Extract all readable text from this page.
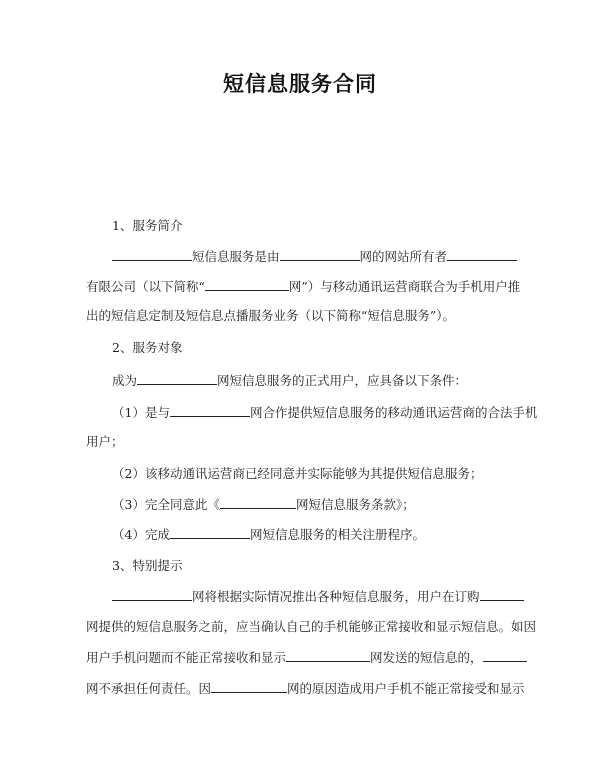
短信息服务合同
1、服务简介
短信息服务是由	网的网站所有者
有限公司（以下简称“	网”）与移动通讯运营商联合为手机用户推
出的短信息定制及短信息点播服务业务（以下简称“短信息服务”）。
2、服务对象
成为	网短信息服务的正式用户，应具备以下条件：
（1）是与	网合作提供短信息服务的移动通讯运营商的合法手机
用户；
（2）该移动通讯运营商已经同意并实际能够为其提供短信息服务；
（3）完全同意此《	网短信息服务条款》；
（4）完成	网短信息服务的相关注册程序。
3、特别提示
网将根据实际情况推出各种短信息服务，用户在订购
网提供的短信息服务之前，应当确认自己的手机能够正常接收和显示短信息。如因
用户手机问题而不能正常接收和显示	网发送的短信息的，
网不承担任何责任。因	网的原因造成用户手机不能正常接受和显示
